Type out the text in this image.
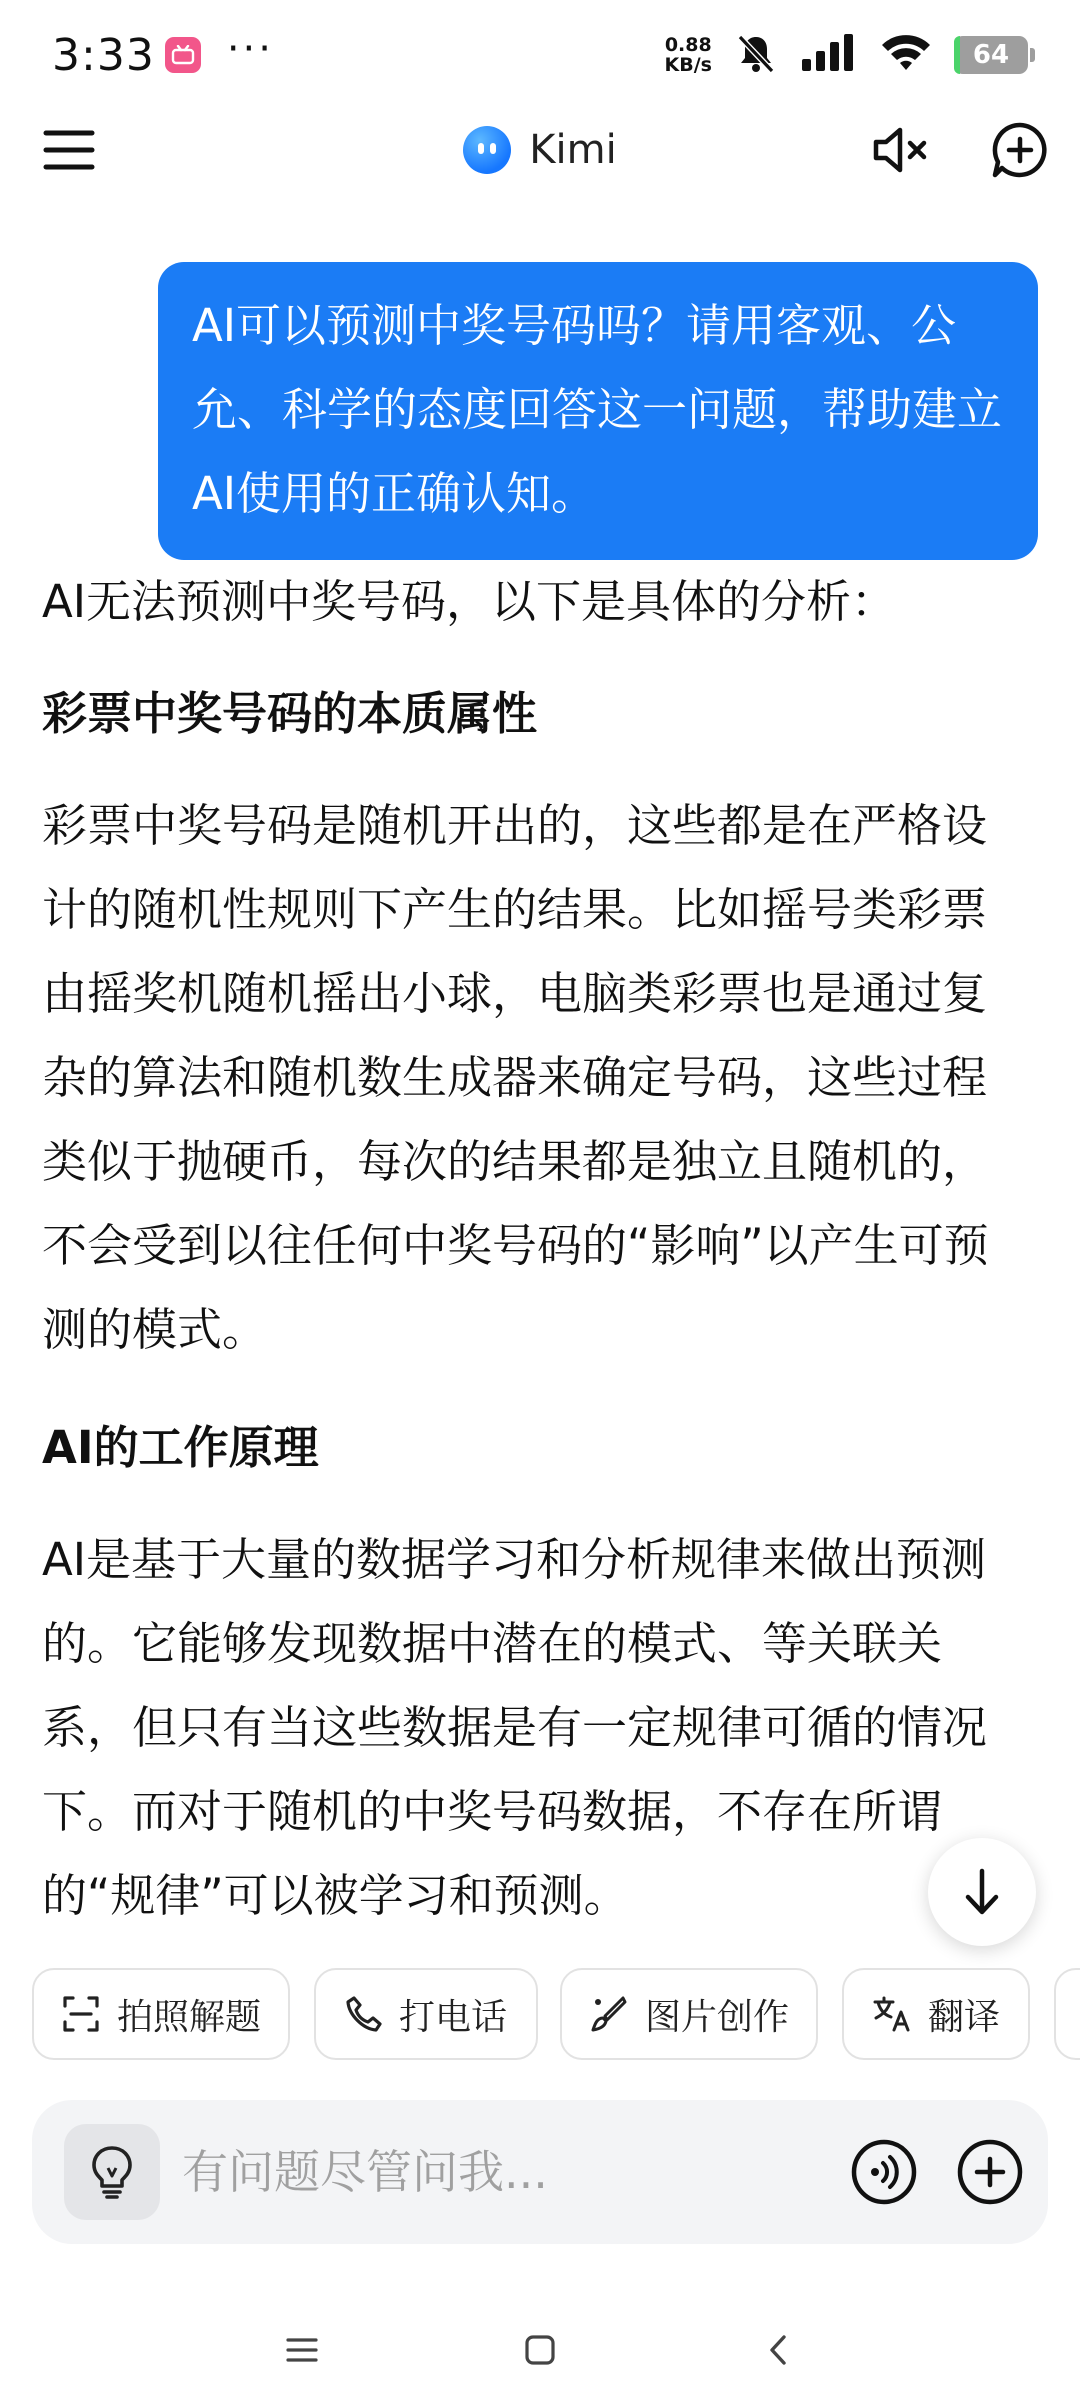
3:33 ···	0.88
KB/s	64
Kimi
AI可以预测中奖号码吗？请用客观、公允、科学的态度回答这一问题，帮助建立AI使用的正确认知。
AI无法预测中奖号码，以下是具体的分析：
彩票中奖号码的本质属性
彩票中奖号码是随机开出的，这些都是在严格设计的随机性规则下产生的结果。比如摇号类彩票由摇奖机随机摇出小球，电脑类彩票也是通过复杂的算法和随机数生成器来确定号码，这些过程类似于抛硬币，每次的结果都是独立且随机的，不会受到以往任何中奖号码的“影响”以产生可预测的模式。
AI的工作原理
AI是基于大量的数据学习和分析规律来做出预测的。它能够发现数据中潜在的模式、等关联关系，但只有当这些数据是有一定规律可循的情况下。而对于随机的中奖号码数据，不存在所谓的“规律”可以被学习和预测。
拍照解题	打电话	图片创作	翻译
有问题尽管问我...
